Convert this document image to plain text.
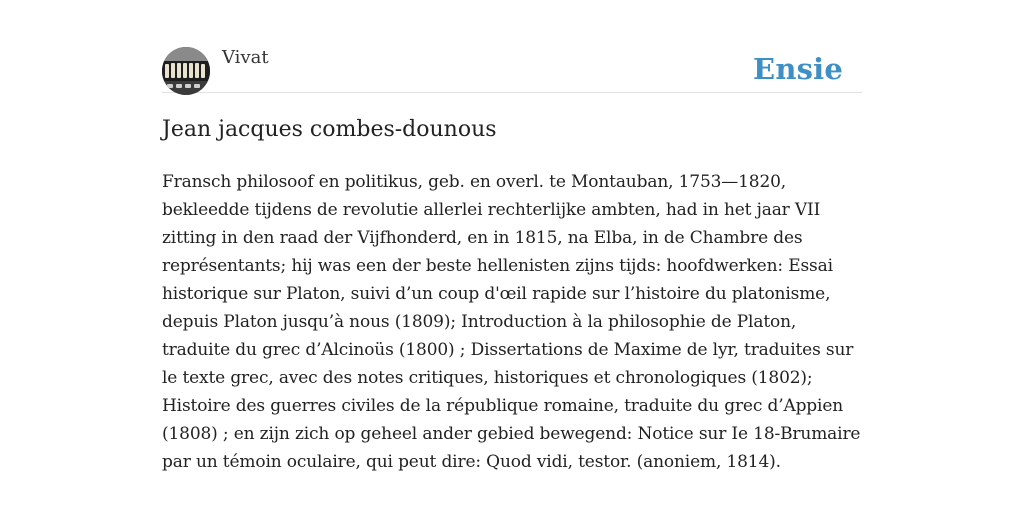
Vivat	Ensie
Jean jacques combes-dounous

Fransch philosoof en politikus, geb. en overl. te Montauban, 1753—1820, bekleedde tijdens de revolutie allerlei rechterlijke ambten, had in het jaar VII zitting in den raad der Vijfhonderd, en in 1815, na Elba, in de Chambre des représentants; hij was een der beste hellenisten zijns tijds: hoofdwerken: Essai historique sur Platon, suivi d’un coup d'œil rapide sur l’histoire du platonisme, depuis Platon jusqu’à nous (1809); Introduction à la philosophie de Platon, traduite du grec d’Alcinoüs (1800) ; Dissertations de Maxime de lyr, traduites sur le texte grec, avec des notes critiques, historiques et chronologiques (1802); Histoire des guerres civiles de la république romaine, traduite du grec d’Appien (1808) ; en zijn zich op geheel ander gebied bewegend: Notice sur Ie 18-Brumaire par un témoin oculaire, qui peut dire: Quod vidi, testor. (anoniem, 1814).
